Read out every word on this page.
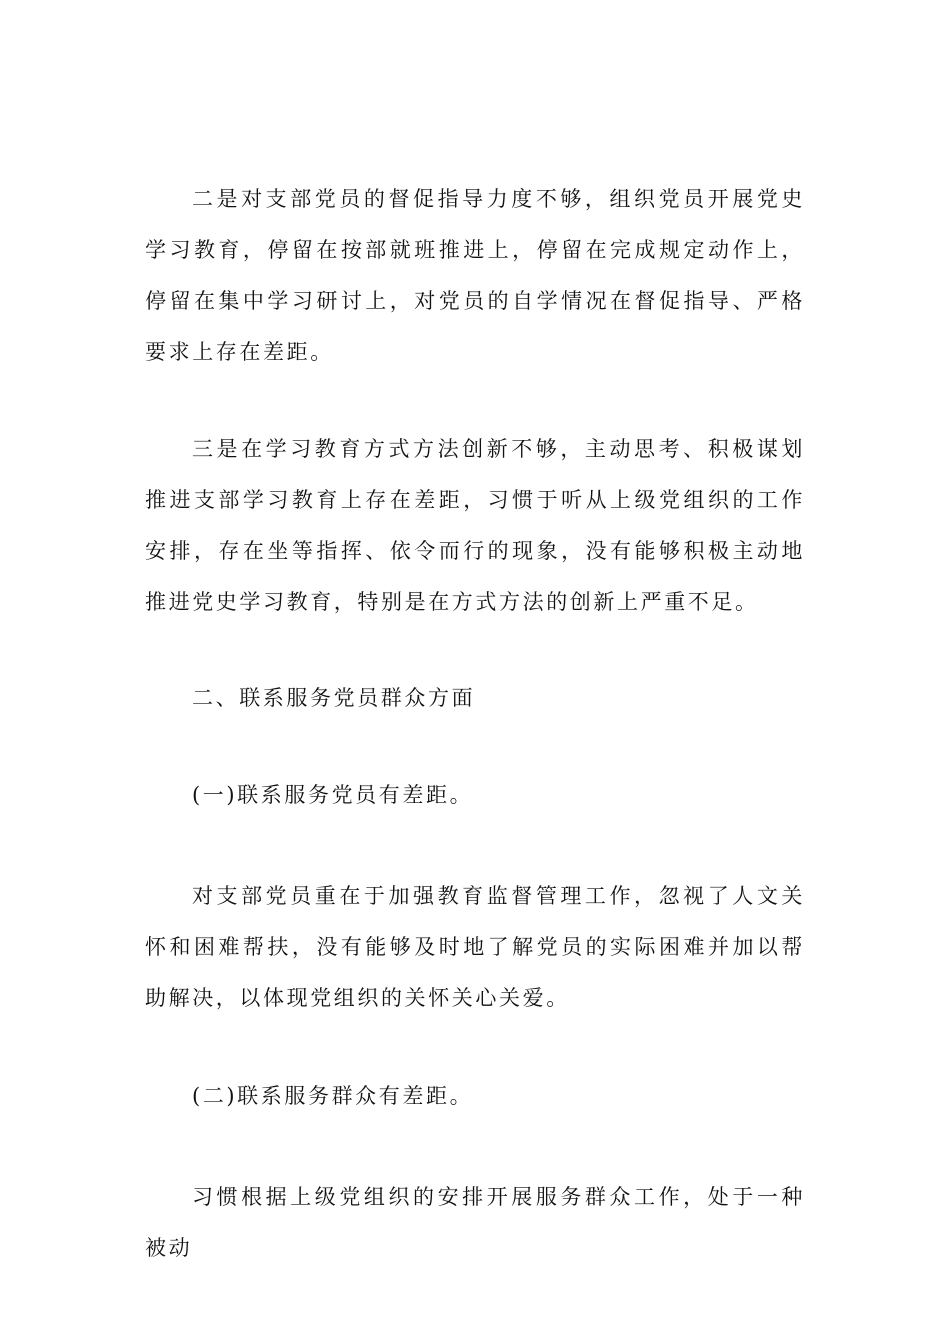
二是对支部党员的督促指导力度不够，组织党员开展党史学习教育，停留在按部就班推进上，停留在完成规定动作上，停留在集中学习研讨上，对党员的自学情况在督促指导、严格要求上存在差距。

三是在学习教育方式方法创新不够，主动思考、积极谋划推进支部学习教育上存在差距，习惯于听从上级党组织的工作安排，存在坐等指挥、依令而行的现象，没有能够积极主动地推进党史学习教育，特别是在方式方法的创新上严重不足。

二、联系服务党员群众方面

(一)联系服务党员有差距。

对支部党员重在于加强教育监督管理工作，忽视了人文关怀和困难帮扶，没有能够及时地了解党员的实际困难并加以帮助解决，以体现党组织的关怀关心关爱。

(二)联系服务群众有差距。

习惯根据上级党组织的安排开展服务群众工作，处于一种被动
